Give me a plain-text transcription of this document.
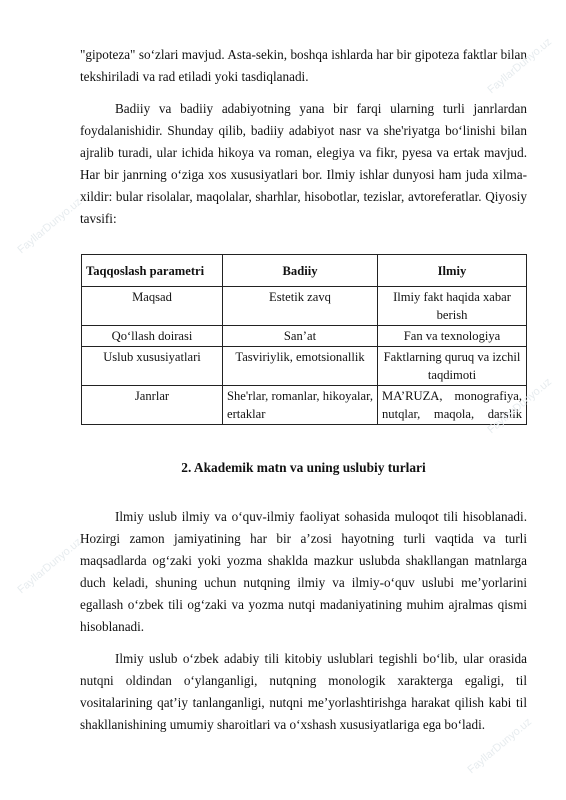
"gipoteza" so‘zlari mavjud. Asta-sekin, boshqa ishlarda har bir gipoteza faktlar bilan tekshiriladi va rad etiladi yoki tasdiqlanadi.

Badiiy va badiiy adabiyotning yana bir farqi ularning turli janrlardan foydalanishidir. Shunday qilib, badiiy adabiyot nasr va she'riyatga bo‘linishi bilan ajralib turadi, ular ichida hikoya va roman, elegiya va fikr, pyesa va ertak mavjud. Har bir janrning o‘ziga xos xususiyatlari bor. Ilmiy ishlar dunyosi ham juda xilma-xildir: bular risolalar, maqolalar, sharhlar, hisobotlar, tezislar, avtoreferatlar. Qiyosiy tavsifi:

Taqqoslash parametri	Badiiy	Ilmiy
Maqsad	Estetik zavq	Ilmiy fakt haqida xabar berish
Qo‘llash doirasi	San’at	Fan va texnologiya
Uslub xususiyatlari	Tasviriylik, emotsionallik	Faktlarning quruq va izchil taqdimoti
Janrlar	She'rlar, romanlar, hikoyalar, ertaklar	MA’RUZA, monografiya, nutqlar, maqola, darslik

2. Akademik matn va uning uslubiy turlari

Ilmiy uslub ilmiy va o‘quv-ilmiy faoliyat sohasida muloqot tili hisoblanadi. Hozirgi zamon jamiyatining har bir a’zosi hayotning turli vaqtida va turli maqsadlarda og‘zaki yoki yozma shaklda mazkur uslubda shakllangan matnlarga duch keladi, shuning uchun nutqning ilmiy va ilmiy-o‘quv uslubi me’yorlarini egallash o‘zbek tili og‘zaki va yozma nutqi madaniyatining muhim ajralmas qismi hisoblanadi.

Ilmiy uslub o‘zbek adabiy tili kitobiy uslublari tegishli bo‘lib, ular orasida nutqni oldindan o‘ylanganligi, nutqning monologik xarakterga egaligi, til vositalarining qat’iy tanlanganligi, nutqni me’yorlashtirishga harakat qilish kabi til shakllanishining umumiy sharoitlari va o‘xshash xususiyatlariga ega bo‘ladi.

FayllarDunyo.uz
FayllarDunyo.uz
FayllarDunyo.uz
FayllarDunyo.uz
FayllarDunyo.uz
